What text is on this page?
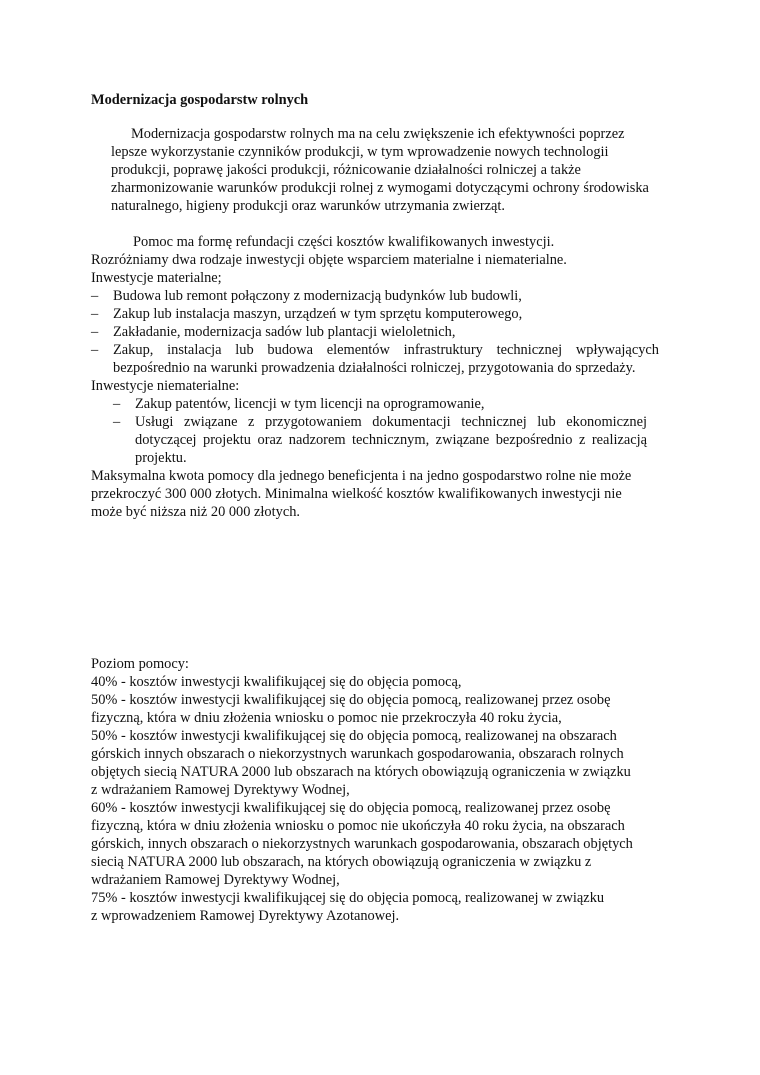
Modernizacja gospodarstw rolnych
Modernizacja gospodarstw rolnych ma na celu zwiększenie ich efektywności poprzez
lepsze wykorzystanie czynników produkcji, w tym wprowadzenie nowych technologii
produkcji, poprawę jakości produkcji, różnicowanie działalności rolniczej a także
zharmonizowanie warunków produkcji rolnej z wymogami dotyczącymi ochrony środowiska
naturalnego, higieny produkcji oraz warunków utrzymania zwierząt.
Pomoc ma formę refundacji części kosztów kwalifikowanych inwestycji.
Rozróżniamy dwa rodzaje inwestycji objęte wsparciem materialne i niematerialne.
Inwestycje materialne;
– Budowa lub remont połączony z modernizacją budynków lub budowli,
– Zakup lub instalacja maszyn, urządzeń w tym sprzętu komputerowego,
– Zakładanie, modernizacja sadów lub plantacji wieloletnich,
– Zakup, instalacja lub budowa elementów infrastruktury technicznej wpływających bezpośrednio na warunki prowadzenia działalności rolniczej, przygotowania do sprzedaży.
Inwestycje niematerialne:
– Zakup patentów, licencji w tym licencji na oprogramowanie,
– Usługi związane z przygotowaniem dokumentacji technicznej lub ekonomicznej dotyczącej projektu oraz nadzorem technicznym, związane bezpośrednio z realizacją projektu.
Maksymalna kwota pomocy dla jednego beneficjenta i na jedno gospodarstwo rolne nie może
przekroczyć 300 000 złotych. Minimalna wielkość kosztów kwalifikowanych inwestycji nie
może być niższa niż 20 000 złotych.
Poziom pomocy:
40% - kosztów inwestycji kwalifikującej się do objęcia pomocą,
50% - kosztów inwestycji kwalifikującej się do objęcia pomocą, realizowanej przez osobę
fizyczną, która w dniu złożenia wniosku o pomoc nie przekroczyła 40 roku życia,
50% - kosztów inwestycji kwalifikującej się do objęcia pomocą, realizowanej na obszarach
górskich innych obszarach o niekorzystnych warunkach gospodarowania, obszarach rolnych
objętych siecią NATURA 2000 lub obszarach na których obowiązują ograniczenia w związku
z wdrażaniem Ramowej Dyrektywy Wodnej,
60% - kosztów inwestycji kwalifikującej się do objęcia pomocą, realizowanej przez osobę
fizyczną, która w dniu złożenia wniosku o pomoc nie ukończyła 40 roku życia, na obszarach
górskich, innych obszarach o niekorzystnych warunkach gospodarowania, obszarach objętych
siecią NATURA 2000 lub obszarach, na których obowiązują ograniczenia w związku z
wdrażaniem Ramowej Dyrektywy Wodnej,
75% - kosztów inwestycji kwalifikującej się do objęcia pomocą, realizowanej w związku
z wprowadzeniem Ramowej Dyrektywy Azotanowej.
